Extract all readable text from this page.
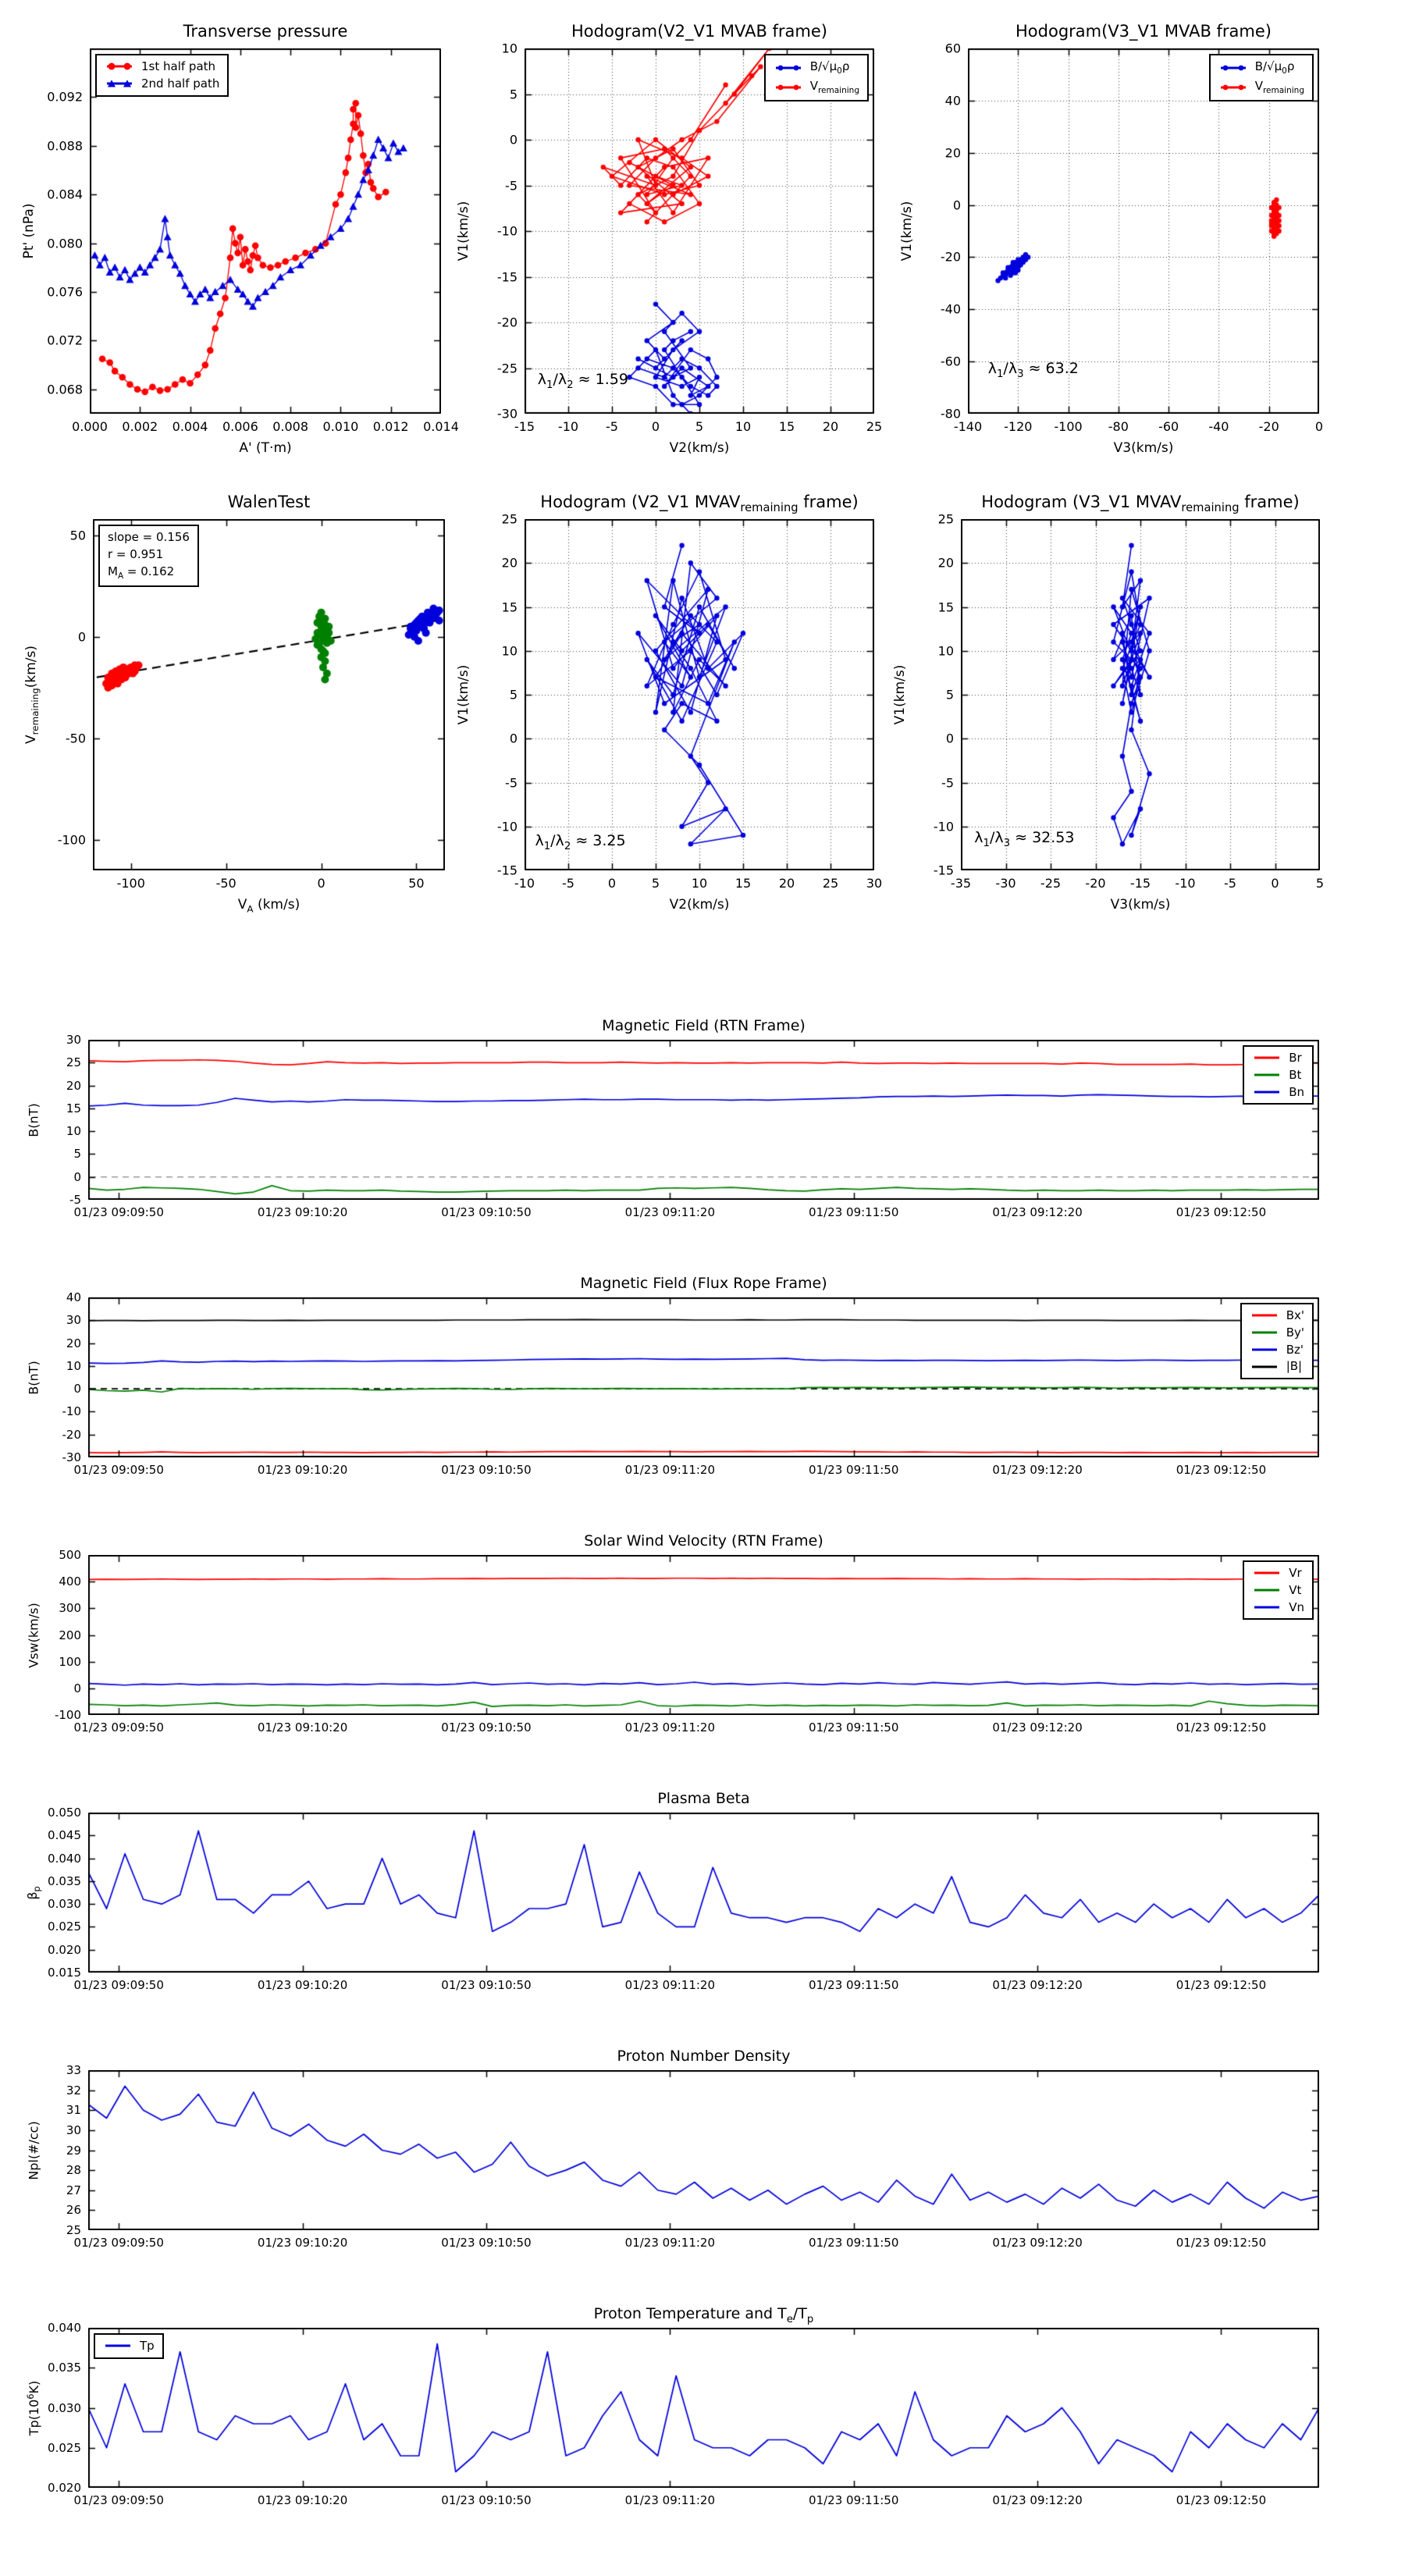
Transverse pressure
Pt' (nPa)
A' (T·m)
0.000 0.002 0.004 0.006 0.008 0.010 0.012 0.014
0.068
0.072
0.076
0.080
0.084
0.088
0.092
1st half path
2nd half path
Hodogram(V2_V1 MVAB frame)
V1(km/s)
V2(km/s)
$\lambda_1/\lambda_2 \approx 1.59$
-15 -10 -5	0	5	10 15 20 25
-30
-25
-20
-15
-10
-5
0
5
10
$B/√\mu_0\rho$
$V_{remaining}$
Hodogram(V3_V1 MVAB frame)
V1(km/s)
V3(km/s)
$\lambda_1/\lambda_3 \approx 63.2$
-140 -120 -100 -80 -60 -40 -20	0
-80
-60
-40
-20
0
20
40
60
$B/√\mu_0\rho$
$V_{remaining}$
WalenTest
$V_{remaining}(km/s)$
$V_A$ (km/s)
-100	-50	0	50
-100
-50
0
50 slope = 0.156
r = 0.951
$M_A = 0.162$
Hodogram (V2_V1 $MVAV_{remaining}$ frame)
V1(km/s)
V2(km/s)
$\lambda_1/\lambda_2 \approx 3.25$
-10 -5	0	5	10 15 20 25 30
-15
-10
-5
0
5
10
15
20
25
Hodogram (V3_V1 $MVAV_{remaining}$ frame)
V1(km/s)
V3(km/s)
$\lambda_1/\lambda_3 \approx 32.53$
-35 -30 -25 -20 -15 -10 -5	0	5
-15
-10
-5
0
5
10
15
20
25
Magnetic Field (RTN Frame)
B(nT)
01/23 09:09:50	01/23 09:10:20	01/23 09:10:50	01/23 09:11:20	01/23 09:11:50	01/23 09:12:20	01/23 09:12:50
-5
0
5
10
15
20
25
30
Br
Bt
Bn
Magnetic Field (Flux Rope Frame)
B(nT)
01/23 09:09:50	01/23 09:10:20	01/23 09:10:50	01/23 09:11:20	01/23 09:11:50	01/23 09:12:20	01/23 09:12:50
-30
-20
-10
0
10
20
30
40
Bx'
By'
Bz'
|B|
Solar Wind Velocity (RTN Frame)
Vsw(km/s)
01/23 09:09:50	01/23 09:10:20	01/23 09:10:50	01/23 09:11:20	01/23 09:11:50	01/23 09:12:20	01/23 09:12:50
-100
0
100
200
300
400
500
Vr
Vt
Vn
Plasma Beta
$\beta_p$
01/23 09:09:50	01/23 09:10:20	01/23 09:10:50	01/23 09:11:20	01/23 09:11:50	01/23 09:12:20	01/23 09:12:50
0.015
0.020
0.025
0.030
0.035
0.040
0.045
0.050
Proton Number Density
Npl(#/cc)
01/23 09:09:50	01/23 09:10:20	01/23 09:10:50	01/23 09:11:20	01/23 09:11:50	01/23 09:12:20	01/23 09:12:50
25
26
27
28
29
30
31
32
33
Proton Temperature and $T_e/T_p$
$Tp(10^6K)$
01/23 09:09:50	01/23 09:10:20	01/23 09:10:50	01/23 09:11:20	01/23 09:11:50	01/23 09:12:20	01/23 09:12:50
0.020
0.025
0.030
0.035
0.040
Tp
